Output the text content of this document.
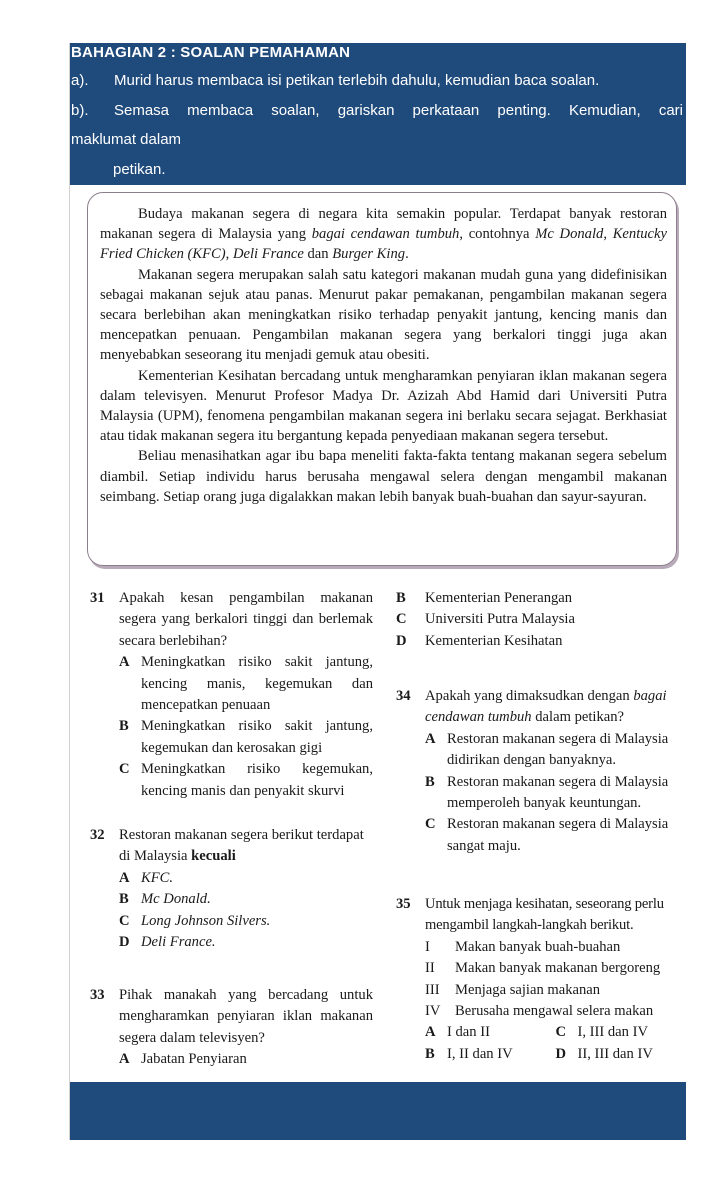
BAHAGIAN 2 : SOALAN PEMAHAMAN
a). Murid harus membaca isi petikan terlebih dahulu, kemudian baca soalan.
b).	Semasa membaca soalan, gariskan perkataan penting. Kemudian, cari
maklumat dalam
petikan.

Budaya makanan segera di negara kita semakin popular. Terdapat banyak restoran makanan segera di Malaysia yang bagai cendawan tumbuh, contohnya Mc Donald, Kentucky Fried Chicken (KFC), Deli France dan Burger King.

Makanan segera merupakan salah satu kategori makanan mudah guna yang didefinisikan sebagai makanan sejuk atau panas. Menurut pakar pemakanan, pengambilan makanan segera secara berlebihan akan meningkatkan risiko terhadap penyakit jantung, kencing manis dan mencepatkan penuaan. Pengambilan makanan segera yang berkalori tinggi juga akan menyebabkan seseorang itu menjadi gemuk atau obesiti.

Kementerian Kesihatan bercadang untuk mengharamkan penyiaran iklan makanan segera dalam televisyen. Menurut Profesor Madya Dr. Azizah Abd Hamid dari Universiti Putra Malaysia (UPM), fenomena pengambilan makanan segera ini berlaku secara sejagat. Berkhasiat atau tidak makanan segera itu bergantung kepada penyediaan makanan segera tersebut.

Beliau menasihatkan agar ibu bapa meneliti fakta-fakta tentang makanan segera sebelum diambil. Setiap individu harus berusaha mengawal selera dengan mengambil makanan seimbang. Setiap orang juga digalakkan makan lebih banyak buah-buahan dan sayur-sayuran.

31 Apakah kesan pengambilan makanan segera yang berkalori tinggi dan berlemak secara berlebihan?
A Meningkatkan risiko sakit jantung, kencing manis, kegemukan dan mencepatkan penuaan
B Meningkatkan risiko sakit jantung, kegemukan dan kerosakan gigi
C Meningkatkan risiko kegemukan, kencing manis dan penyakit skurvi
32 Restoran makanan segera berikut terdapat di Malaysia kecuali
A KFC.
B Mc Donald.
C Long Johnson Silvers.
D Deli France.
33 Pihak manakah yang bercadang untuk mengharamkan penyiaran iklan makanan segera dalam televisyen?
A Jabatan Penyiaran
B Kementerian Penerangan
C Universiti Putra Malaysia
D Kementerian Kesihatan
34 Apakah yang dimaksudkan dengan bagai cendawan tumbuh dalam petikan?
A Restoran makanan segera di Malaysia didirikan dengan banyaknya.
B Restoran makanan segera di Malaysia memperoleh banyak keuntungan.
C Restoran makanan segera di Malaysia sangat maju.
35 Untuk menjaga kesihatan, seseorang perlu mengambil langkah-langkah berikut.
I Makan banyak buah-buahan
II Makan banyak makanan bergoreng
III Menjaga sajian makanan
IV Berusaha mengawal selera makan
A I dan II	C I, III dan IV
B I, II dan IV	D II, III dan IV
